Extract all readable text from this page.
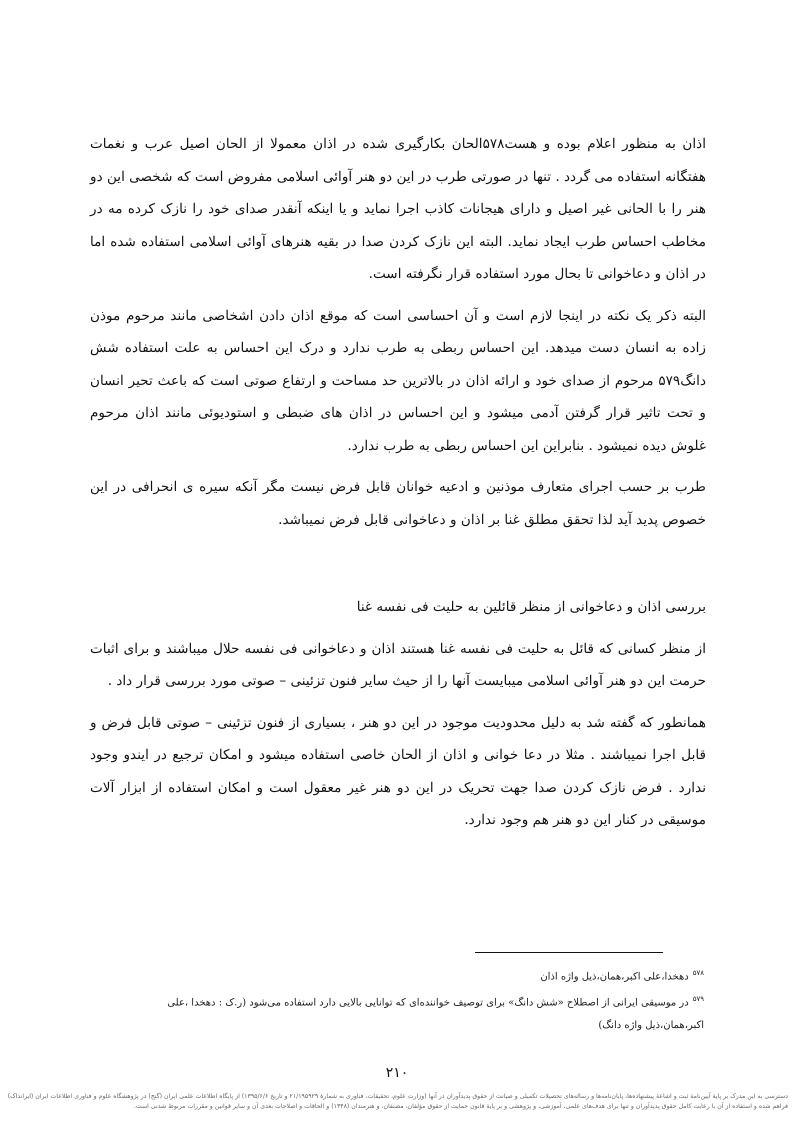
اذان به منظور اعلام بوده و هست۵۷۸الحان بکارگیری شده در اذان معمولا از الحان اصیل عرب و نغمات هفتگانه استفاده می گردد . تنها در صورتی طرب در این دو هنر آوائی اسلامی مفروض است که شخصی این دو هنر را با الحانی غیر اصیل و دارای هیجانات کاذب اجرا نماید و یا اینکه آنقدر صدای خود را نازک کرده مه در مخاطب احساس طرب ایجاد نماید. البته این نازک کردن صدا در بقیه هنرهای آوائی اسلامی استفاده شده اما در اذان و دعاخوانی تا بحال مورد استفاده قرار نگرفته است.

البته ذکر یک نکته در اینجا لازم است و آن احساسی است که موقع اذان دادن اشخاصی مانند مرحوم موذن زاده به انسان دست میدهد. این احساس ربطی به طرب ندارد و درک این احساس به علت استفاده شش دانگ۵۷۹ مرحوم از صدای خود و ارائه اذان در بالاترین حد مساحت و ارتفاع صوتی است که باعث تحیر انسان و تحت تاثیر قرار گرفتن آدمی میشود و این احساس در اذان های ضبطی و استودیوئی مانند اذان مرحوم غلوش دیده نمیشود . بنابراین این احساس ربطی به طرب ندارد.

طرب بر حسب اجرای متعارف موذنین و ادعیه خوانان قابل فرض نیست مگر آنکه سیره ی انحرافی در این خصوص پدید آید لذا تحقق مطلق غنا بر اذان و دعاخوانی قابل فرض نمیباشد.

بررسی اذان و دعاخوانی از منظر قائلین به حلیت فی نفسه غنا

از منظر کسانی که قائل به حلیت فی نفسه غنا هستند اذان و دعاخوانی فی نفسه حلال میباشند و برای اثبات حرمت این دو هنر آوائی اسلامی میبایست آنها را از حیث سایر فنون تزئینی – صوتی مورد بررسی قرار داد .

همانطور که گفته شد به دلیل محدودیت موجود در این دو هنر ، بسیاری از فنون تزئینی – صوتی قابل فرض و قابل اجرا نمیباشند . مثلا در دعا خوانی و اذان از الحان خاصی استفاده میشود و امکان ترجیع در ایندو وجود ندارد . فرض نازک کردن صدا جهت تحریک در این دو هنر غیر معقول است و امکان استفاده از ابزار آلات موسیقی در کنار این دو هنر هم وجود ندارد.

$^{۵۷۸}$دهخدا،علی اکبر،همان،ذیل واژه اذان

$^{۵۷۹}$در موسیقی ایرانی از اصطلاح «شش دانگ» برای توصیف خواننده‌ای که توانایی بالایی دارد استفاده می‌شود (ر.ک : دهخدا ،علی اکبر،همان،ذیل واژه دانگ)

۲۱۰
دسترسی به این مدرک بر پایهٔ آیین‌نامهٔ ثبت و اشاعهٔ پیشنهاده‌ها، پایان‌نامه‌ها و رساله‌های تحصیلات تکمیلی و صیانت از حقوق پدیدآوران در آنها (وزارت علوم، تحقیقات، فناوری به شمارهٔ ۲۱/۱۹۵۹۲۹ و تاریخ ۱۳۹۵/۶/۶) از پایگاه اطلاعات علمی ایران (گنج) در پژوهشگاه علوم و فناوری اطلاعات ایران (ایرانداک) فراهم شده و استفاده از آن با رعایت کامل حقوق پدیدآوران و تنها برای هدف‌های علمی، آموزشی، و پژوهشی و بر پایهٔ قانون حمایت از حقوق مؤلفان، مصنفان، و هنرمندان (۱۳۴۸) و الحاقات و اصلاحات بعدی آن و سایر قوانین و مقررات مربوط شدنی است.
